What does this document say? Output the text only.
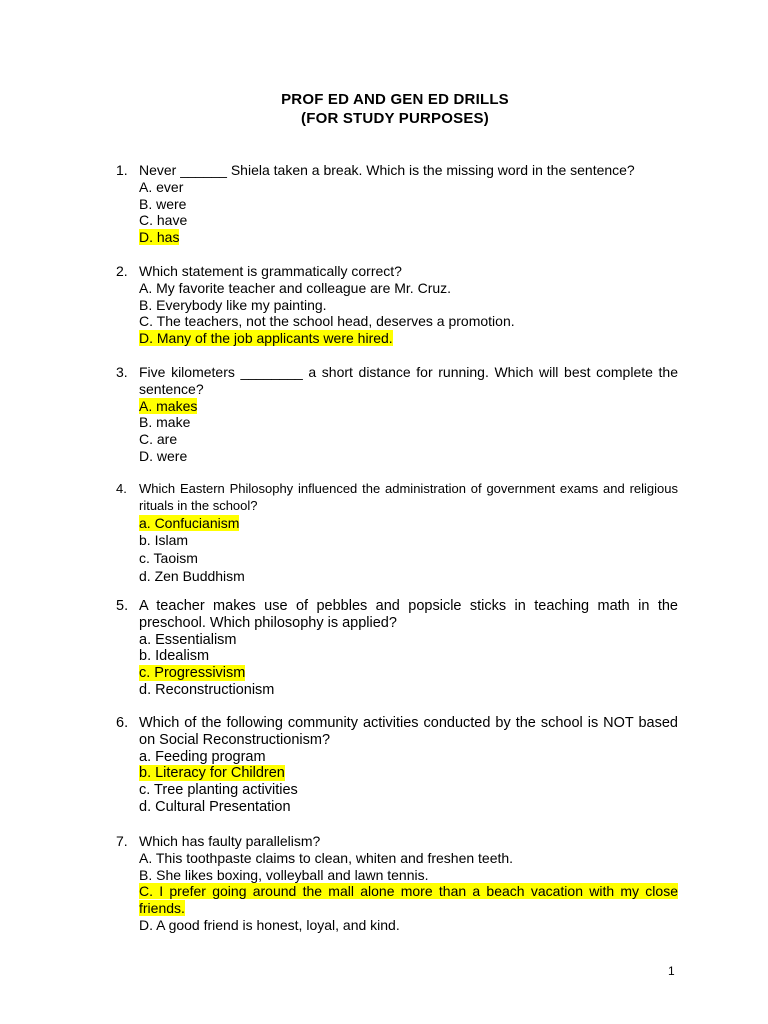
PROF ED AND GEN ED DRILLS
(FOR STUDY PURPOSES)
1. Never ______ Shiela taken a break. Which is the missing word in the sentence?
A. ever
B. were
C. have
D. has
2. Which statement is grammatically correct?
A. My favorite teacher and colleague are Mr. Cruz.
B. Everybody like my painting.
C. The teachers, not the school head, deserves a promotion.
D. Many of the job applicants were hired.
3. Five kilometers ________ a short distance for running. Which will best complete the sentence?
A. makes
B. make
C. are
D. were
4. Which Eastern Philosophy influenced the administration of government exams and religious rituals in the school?
a. Confucianism
b. Islam
c. Taoism
d. Zen Buddhism
5. A teacher makes use of pebbles and popsicle sticks in teaching math in the preschool. Which philosophy is applied?
a. Essentialism
b. Idealism
c. Progressivism
d. Reconstructionism
6. Which of the following community activities conducted by the school is NOT based on Social Reconstructionism?
a. Feeding program
b. Literacy for Children
c. Tree planting activities
d. Cultural Presentation
7. Which has faulty parallelism?
A. This toothpaste claims to clean, whiten and freshen teeth.
B. She likes boxing, volleyball and lawn tennis.
C. I prefer going around the mall alone more than a beach vacation with my close friends.
D. A good friend is honest, loyal, and kind.
1
